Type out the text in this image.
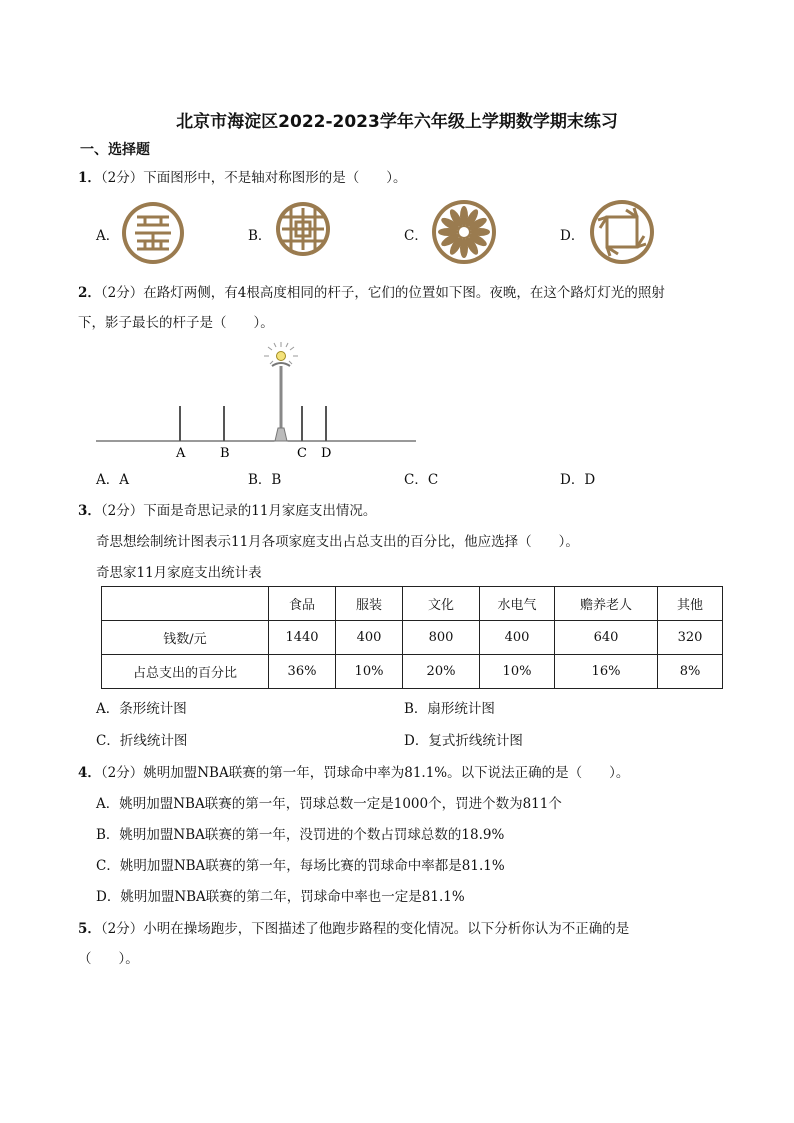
北京市海淀区2022-2023学年六年级上学期数学期末练习
一、选择题
1．（2分）下面图形中，不是轴对称图形的是（　　）。
A．	B．	C．	D．
2．（2分）在路灯两侧，有4根高度相同的杆子，它们的位置如下图。夜晚，在这个路灯灯光的照射
下，影子最长的杆子是（　　）。
A	B	C D
A．A	B．B	C．C	D．D
3．（2分）下面是奇思记录的11月家庭支出情况。
奇思想绘制统计图表示11月各项家庭支出占总支出的百分比，他应选择（　　）。
奇思家11月家庭支出统计表
	食品	服装	文化	水电气	赡养老人	其他
钱数/元	1440	400	800	400	640	320
占总支出的百分比	36%	10%	20%	10%	16%	8%
A．条形统计图	B．扇形统计图
C．折线统计图	D．复式折线统计图
4．（2分）姚明加盟NBA联赛的第一年，罚球命中率为81.1%。以下说法正确的是（　　）。
A．姚明加盟NBA联赛的第一年，罚球总数一定是1000个，罚进个数为811个
B．姚明加盟NBA联赛的第一年，没罚进的个数占罚球总数的18.9%
C．姚明加盟NBA联赛的第一年，每场比赛的罚球命中率都是81.1%
D．姚明加盟NBA联赛的第二年，罚球命中率也一定是81.1%
5．（2分）小明在操场跑步，下图描述了他跑步路程的变化情况。以下分析你认为不正确的是
（　　）。
